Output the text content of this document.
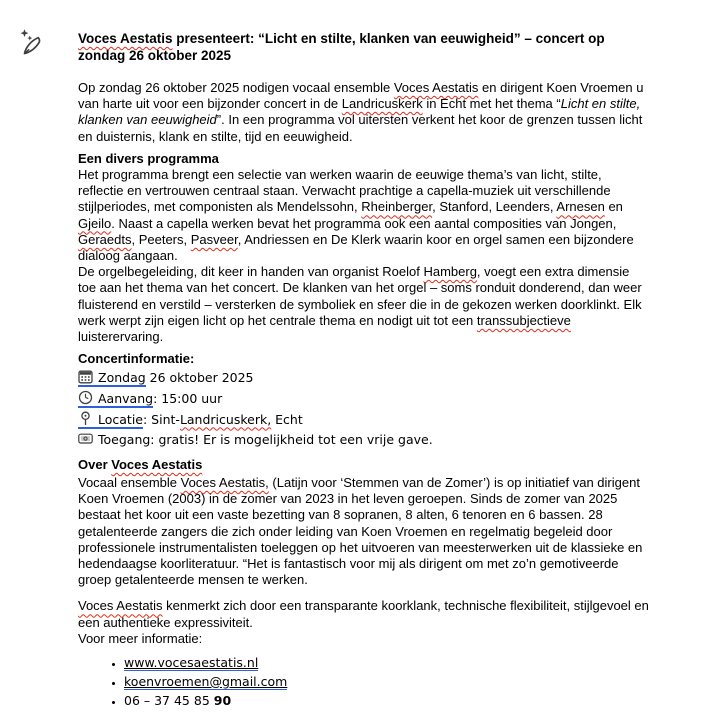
Voces Aestatis presenteert: “Licht en stilte, klanken van eeuwigheid” – concert op zondag 26 oktober 2025

Op zondag 26 oktober 2025 nodigen vocaal ensemble Voces Aestatis en dirigent Koen Vroemen u van harte uit voor een bijzonder concert in de Landricuskerk in Echt met het thema “Licht en stilte, klanken van eeuwigheid”. In een programma vol uitersten verkent het koor de grenzen tussen licht en duisternis, klank en stilte, tijd en eeuwigheid.

Een divers programma

Het programma brengt een selectie van werken waarin de eeuwige thema’s van licht, stilte, reflectie en vertrouwen centraal staan. Verwacht prachtige a capella-muziek uit verschillende stijlperiodes, met componisten als Mendelssohn, Rheinberger, Stanford, Leenders, Arnesen en Gjeilo. Naast a capella werken bevat het programma ook een aantal composities van Jongen, Geraedts, Peeters, Pasveer, Andriessen en De Klerk waarin koor en orgel samen een bijzondere dialoog aangaan.

De orgelbegeleiding, dit keer in handen van organist Roelof Hamberg, voegt een extra dimensie toe aan het thema van het concert. De klanken van het orgel – soms ronduit donderend, dan weer fluisterend en verstild – versterken de symboliek en sfeer die in de gekozen werken doorklinkt. Elk werk werpt zijn eigen licht op het centrale thema en nodigt uit tot een transsubjectieve luisterervaring.

Concertinformatie:
Zondag 26 oktober 2025
Aanvang: 15:00 uur
Locatie: Sint-Landricuskerk, Echt
Toegang: gratis! Er is mogelijkheid tot een vrije gave.
Over Voces Aestatis

Vocaal ensemble Voces Aestatis, (Latijn voor ‘Stemmen van de Zomer’) is op initiatief van dirigent Koen Vroemen (2003) in de zomer van 2023 in het leven geroepen. Sinds de zomer van 2025 bestaat het koor uit een vaste bezetting van 8 sopranen, 8 alten, 6 tenoren en 6 bassen. 28 getalenteerde zangers die zich onder leiding van Koen Vroemen en regelmatig begeleid door professionele instrumentalisten toeleggen op het uitvoeren van meesterwerken uit de klassieke en hedendaagse koorliteratuur. “Het is fantastisch voor mij als dirigent om met zo’n gemotiveerde groep getalenteerde mensen te werken.

Voces Aestatis kenmerkt zich door een transparante koorklank, technische flexibiliteit, stijlgevoel en een authentieke expressiviteit.

Voor meer informatie:

• www.vocesaestatis.nl
• koenvroemen@gmail.com
• 06 – 37 45 85 90
